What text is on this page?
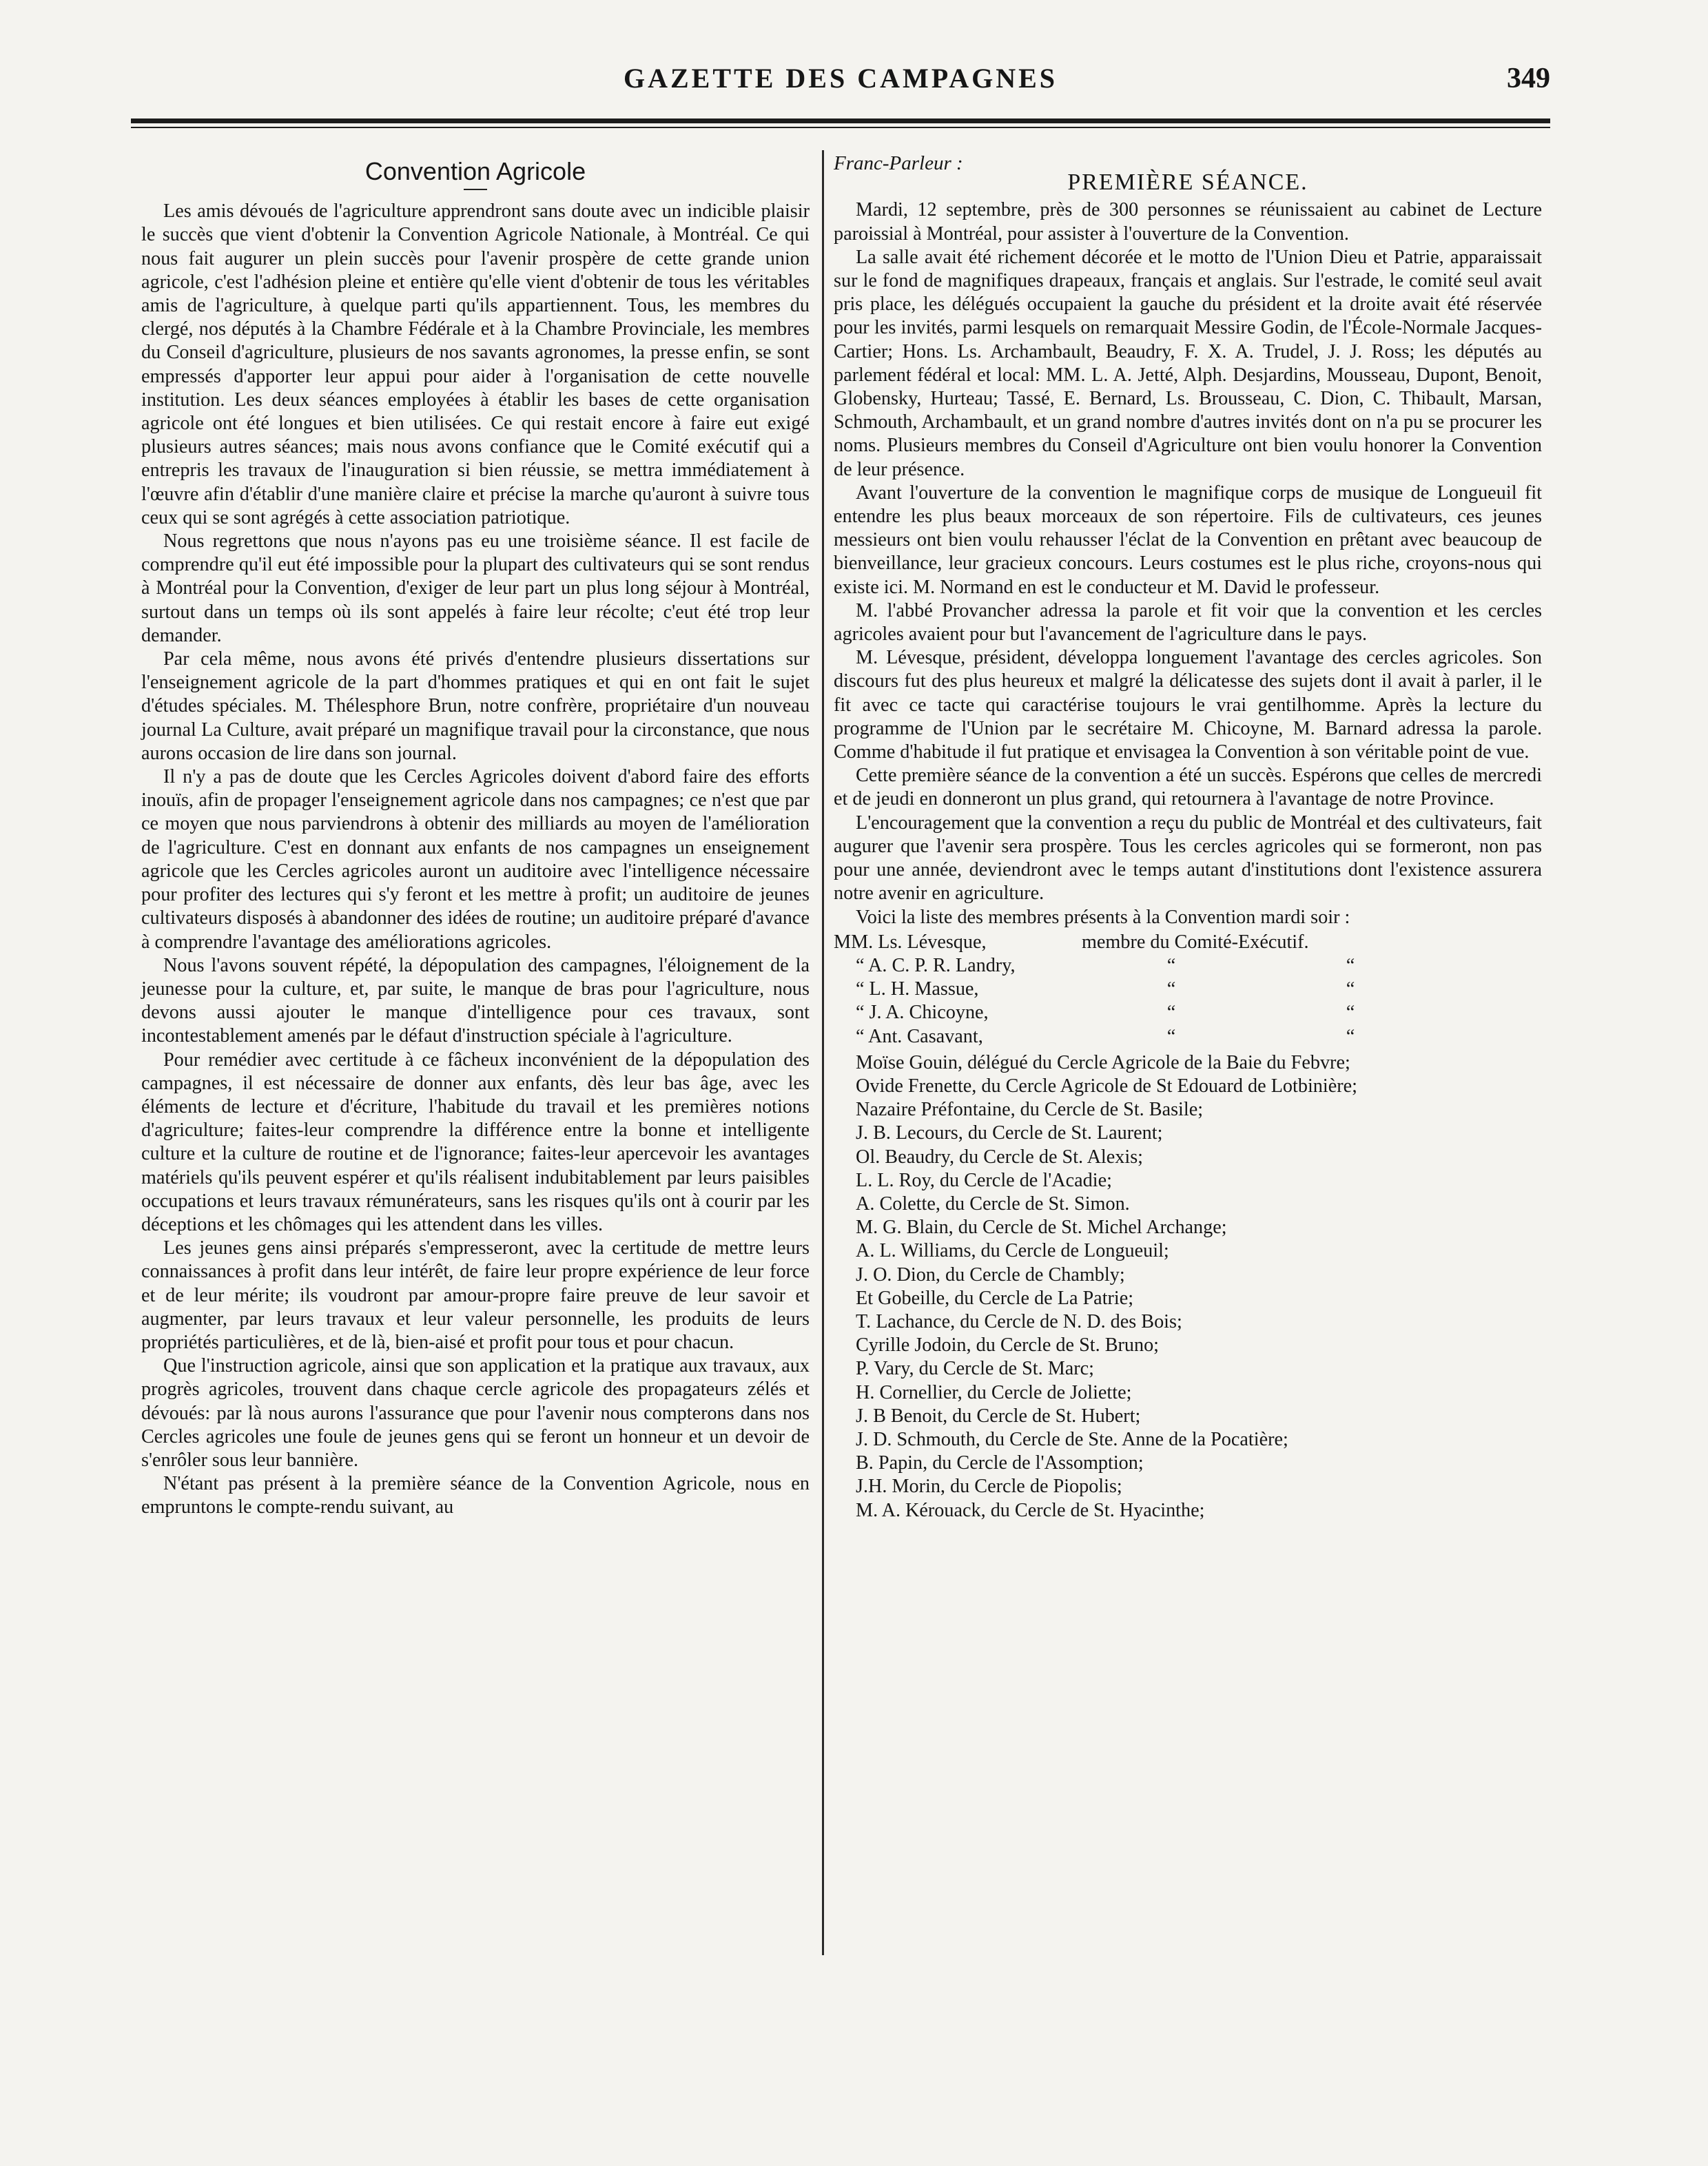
GAZETTE DES CAMPAGNES	349
Convention Agricole

Les amis dévoués de l'agriculture apprendront sans doute avec un indicible plaisir le succès que vient d'obtenir la Convention Agricole Nationale, à Montréal. Ce qui nous fait augurer un plein succès pour l'avenir prospère de cette grande union agricole, c'est l'adhésion pleine et entière qu'elle vient d'obtenir de tous les véritables amis de l'agriculture, à quelque parti qu'ils appartiennent. Tous, les membres du clergé, nos députés à la Chambre Fédérale et à la Chambre Provinciale, les membres du Conseil d'agriculture, plusieurs de nos savants agronomes, la presse enfin, se sont empressés d'apporter leur appui pour aider à l'organisation de cette nouvelle institution. Les deux séances employées à établir les bases de cette organisation agricole ont été longues et bien utilisées. Ce qui restait encore à faire eut exigé plusieurs autres séances; mais nous avons confiance que le Comité exécutif qui a entrepris les travaux de l'inauguration si bien réussie, se mettra immédiatement à l'œuvre afin d'établir d'une manière claire et précise la marche qu'auront à suivre tous ceux qui se sont agrégés à cette association patriotique.

Nous regrettons que nous n'ayons pas eu une troisième séance. Il est facile de comprendre qu'il eut été impossible pour la plupart des cultivateurs qui se sont rendus à Montréal pour la Convention, d'exiger de leur part un plus long séjour à Montréal, surtout dans un temps où ils sont appelés à faire leur récolte; c'eut été trop leur demander.

Par cela même, nous avons été privés d'entendre plusieurs dissertations sur l'enseignement agricole de la part d'hommes pratiques et qui en ont fait le sujet d'études spéciales. M. Thélesphore Brun, notre confrère, propriétaire d'un nouveau journal La Culture, avait préparé un magnifique travail pour la circonstance, que nous aurons occasion de lire dans son journal.

Il n'y a pas de doute que les Cercles Agricoles doivent d'abord faire des efforts inouïs, afin de propager l'enseignement agricole dans nos campagnes; ce n'est que par ce moyen que nous parviendrons à obtenir des milliards au moyen de l'amélioration de l'agriculture. C'est en donnant aux enfants de nos campagnes un enseignement agricole que les Cercles agricoles auront un auditoire avec l'intelligence nécessaire pour profiter des lectures qui s'y feront et les mettre à profit; un auditoire de jeunes cultivateurs disposés à abandonner des idées de routine; un auditoire préparé d'avance à comprendre l'avantage des améliorations agricoles.

Nous l'avons souvent répété, la dépopulation des campagnes, l'éloignement de la jeunesse pour la culture, et, par suite, le manque de bras pour l'agriculture, nous devons aussi ajouter le manque d'intelligence pour ces travaux, sont incontestablement amenés par le défaut d'instruction spéciale à l'agriculture.

Pour remédier avec certitude à ce fâcheux inconvénient de la dépopulation des campagnes, il est nécessaire de donner aux enfants, dès leur bas âge, avec les éléments de lecture et d'écriture, l'habitude du travail et les premières notions d'agriculture; faites-leur comprendre la différence entre la bonne et intelligente culture et la culture de routine et de l'ignorance; faites-leur apercevoir les avantages matériels qu'ils peuvent espérer et qu'ils réalisent indubitablement par leurs paisibles occupations et leurs travaux rémunérateurs, sans les risques qu'ils ont à courir par les déceptions et les chômages qui les attendent dans les villes.

Les jeunes gens ainsi préparés s'empresseront, avec la certitude de mettre leurs connaissances à profit dans leur intérêt, de faire leur propre expérience de leur force et de leur mérite; ils voudront par amour-propre faire preuve de leur savoir et augmenter, par leurs travaux et leur valeur personnelle, les produits de leurs propriétés particulières, et de là, bien-aisé et profit pour tous et pour chacun.

Que l'instruction agricole, ainsi que son application et la pratique aux travaux, aux progrès agricoles, trouvent dans chaque cercle agricole des propagateurs zélés et dévoués: par là nous aurons l'assurance que pour l'avenir nous compterons dans nos Cercles agricoles une foule de jeunes gens qui se feront un honneur et un devoir de s'enrôler sous leur bannière.

N'étant pas présent à la première séance de la Convention Agricole, nous en empruntons le compte-rendu suivant, au

Franc-Parleur :

PREMIÈRE SÉANCE.

Mardi, 12 septembre, près de 300 personnes se réunissaient au cabinet de Lecture paroissial à Montréal, pour assister à l'ouverture de la Convention.

La salle avait été richement décorée et le motto de l'Union Dieu et Patrie, apparaissait sur le fond de magnifiques drapeaux, français et anglais. Sur l'estrade, le comité seul avait pris place, les délégués occupaient la gauche du président et la droite avait été réservée pour les invités, parmi lesquels on remarquait Messire Godin, de l'École-Normale Jacques-Cartier; Hons. Ls. Archambault, Beaudry, F. X. A. Trudel, J. J. Ross; les députés au parlement fédéral et local: MM. L. A. Jetté, Alph. Desjardins, Mousseau, Dupont, Benoit, Globensky, Hurteau; Tassé, E. Bernard, Ls. Brousseau, C. Dion, C. Thibault, Marsan, Schmouth, Archambault, et un grand nombre d'autres invités dont on n'a pu se procurer les noms. Plusieurs membres du Conseil d'Agriculture ont bien voulu honorer la Convention de leur présence.

Avant l'ouverture de la convention le magnifique corps de musique de Longueuil fit entendre les plus beaux morceaux de son répertoire. Fils de cultivateurs, ces jeunes messieurs ont bien voulu rehausser l'éclat de la Convention en prêtant avec beaucoup de bienveillance, leur gracieux concours. Leurs costumes est le plus riche, croyons-nous qui existe ici. M. Normand en est le conducteur et M. David le professeur.

M. l'abbé Provancher adressa la parole et fit voir que la convention et les cercles agricoles avaient pour but l'avancement de l'agriculture dans le pays.

M. Lévesque, président, développa longuement l'avantage des cercles agricoles. Son discours fut des plus heureux et malgré la délicatesse des sujets dont il avait à parler, il le fit avec ce tacte qui caractérise toujours le vrai gentilhomme. Après la lecture du programme de l'Union par le secrétaire M. Chicoyne, M. Barnard adressa la parole. Comme d'habitude il fut pratique et envisagea la Convention à son véritable point de vue.

Cette première séance de la convention a été un succès. Espérons que celles de mercredi et de jeudi en donneront un plus grand, qui retournera à l'avantage de notre Province.

L'encouragement que la convention a reçu du public de Montréal et des cultivateurs, fait augurer que l'avenir sera prospère. Tous les cercles agricoles qui se formeront, non pas pour une année, deviendront avec le temps autant d'institutions dont l'existence assurera notre avenir en agriculture.

Voici la liste des membres présents à la Convention mardi soir :

MM. Ls. Lévesque,	membre du Comité-Exécutif.
“ A. C. P. R. Landry,	“	“
“ L. H. Massue,	“	“
“ J. A. Chicoyne,	“	“
“ Ant. Casavant,	“	“

Moïse Gouin, délégué du Cercle Agricole de la Baie du Febvre;

Ovide Frenette, du Cercle Agricole de St Edouard de Lotbinière;

Nazaire Préfontaine, du Cercle de St. Basile;

J. B. Lecours, du Cercle de St. Laurent;

Ol. Beaudry, du Cercle de St. Alexis;

L. L. Roy, du Cercle de l'Acadie;

A. Colette, du Cercle de St. Simon.

M. G. Blain, du Cercle de St. Michel Archange;

A. L. Williams, du Cercle de Longueuil;

J. O. Dion, du Cercle de Chambly;

Et Gobeille, du Cercle de La Patrie;

T. Lachance, du Cercle de N. D. des Bois;

Cyrille Jodoin, du Cercle de St. Bruno;

P. Vary, du Cercle de St. Marc;

H. Cornellier, du Cercle de Joliette;

J. B Benoit, du Cercle de St. Hubert;

J. D. Schmouth, du Cercle de Ste. Anne de la Pocatière;

B. Papin, du Cercle de l'Assomption;

J.H. Morin, du Cercle de Piopolis;

M. A. Kérouack, du Cercle de St. Hyacinthe;
